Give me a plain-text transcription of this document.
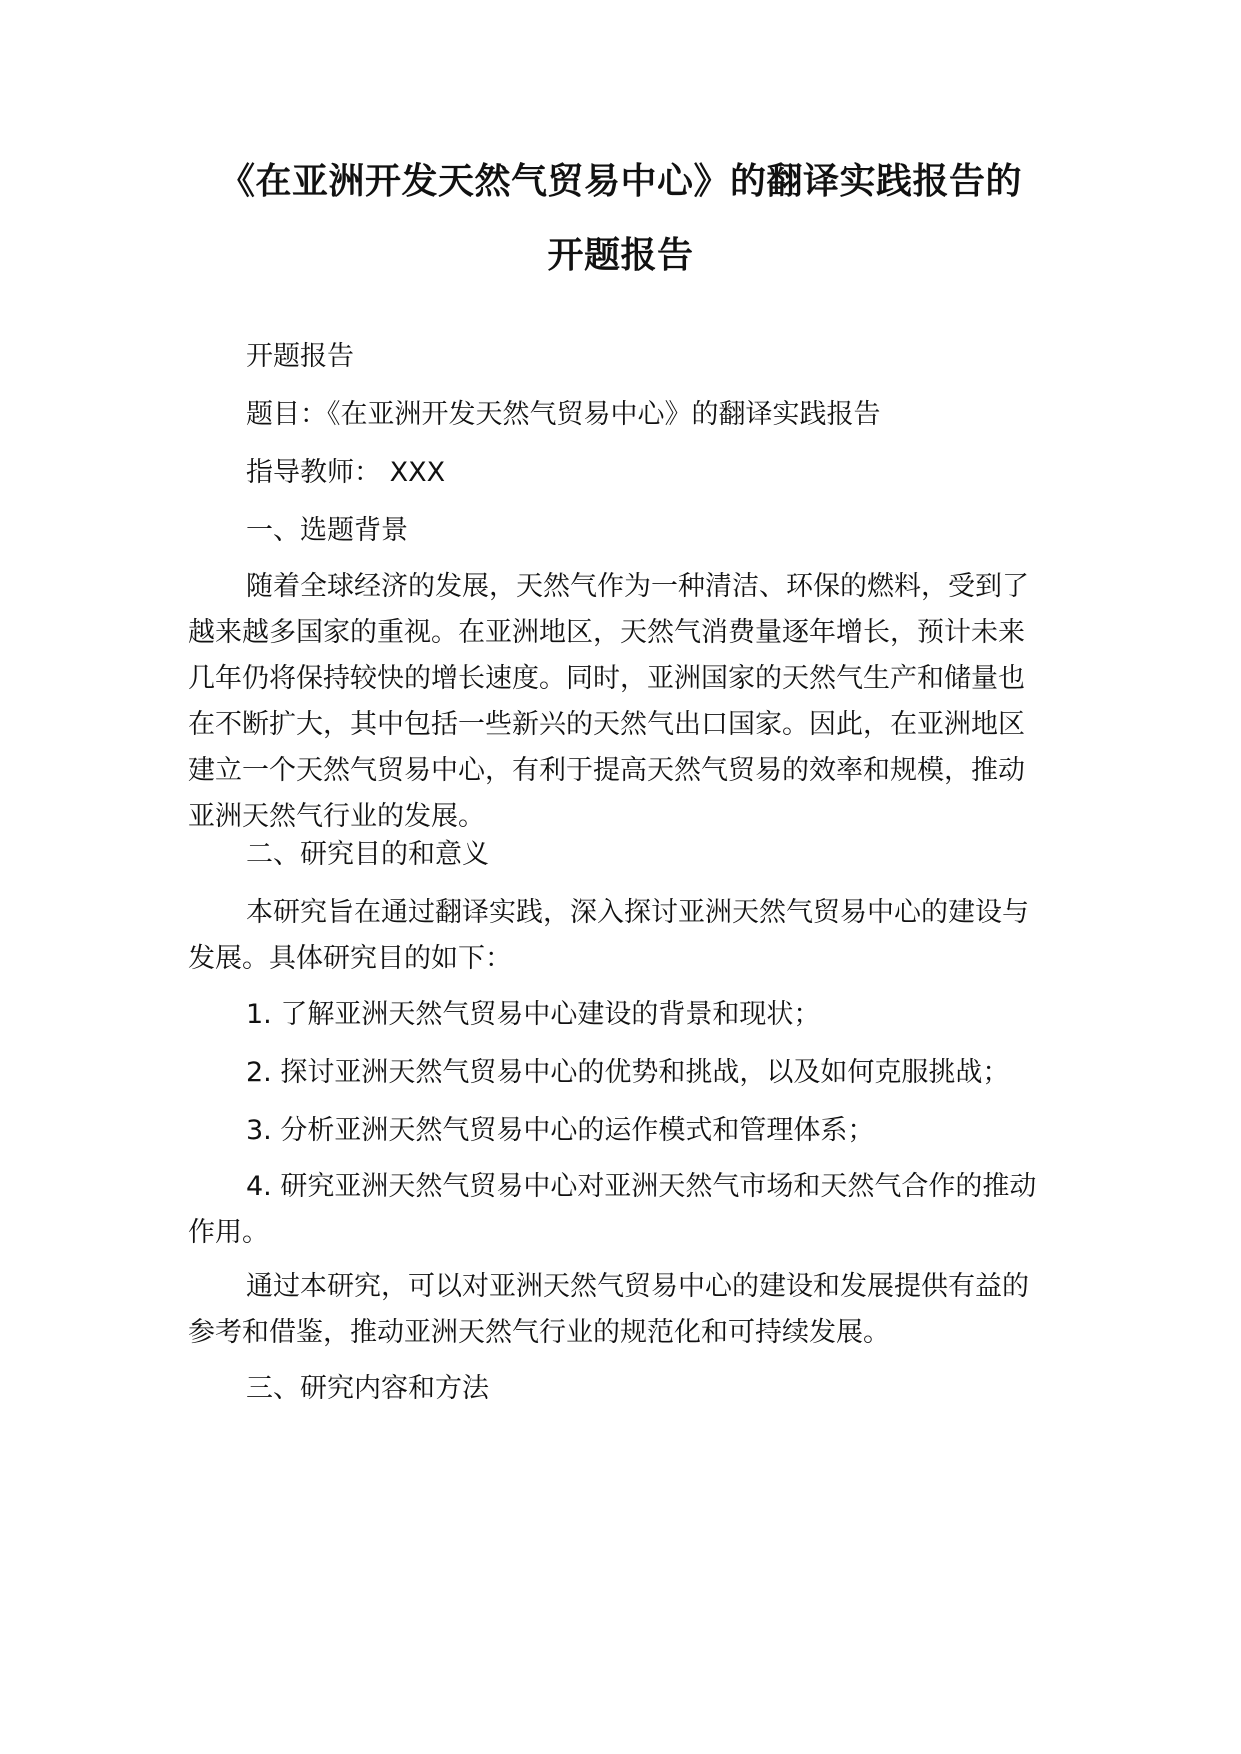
《在亚洲开发天然气贸易中心》的翻译实践报告的
开题报告

开题报告

题目：《在亚洲开发天然气贸易中心》的翻译实践报告

指导教师： XXX

一、选题背景

随着全球经济的发展，天然气作为一种清洁、环保的燃料，受到了越来越多国家的重视。在亚洲地区，天然气消费量逐年增长，预计未来几年仍将保持较快的增长速度。同时，亚洲国家的天然气生产和储量也在不断扩大，其中包括一些新兴的天然气出口国家。因此，在亚洲地区建立一个天然气贸易中心，有利于提高天然气贸易的效率和规模，推动亚洲天然气行业的发展。

二、研究目的和意义

本研究旨在通过翻译实践，深入探讨亚洲天然气贸易中心的建设与发展。具体研究目的如下：

1. 了解亚洲天然气贸易中心建设的背景和现状；

2. 探讨亚洲天然气贸易中心的优势和挑战，以及如何克服挑战；

3. 分析亚洲天然气贸易中心的运作模式和管理体系；

4. 研究亚洲天然气贸易中心对亚洲天然气市场和天然气合作的推动作用。

通过本研究，可以对亚洲天然气贸易中心的建设和发展提供有益的参考和借鉴，推动亚洲天然气行业的规范化和可持续发展。

三、研究内容和方法
